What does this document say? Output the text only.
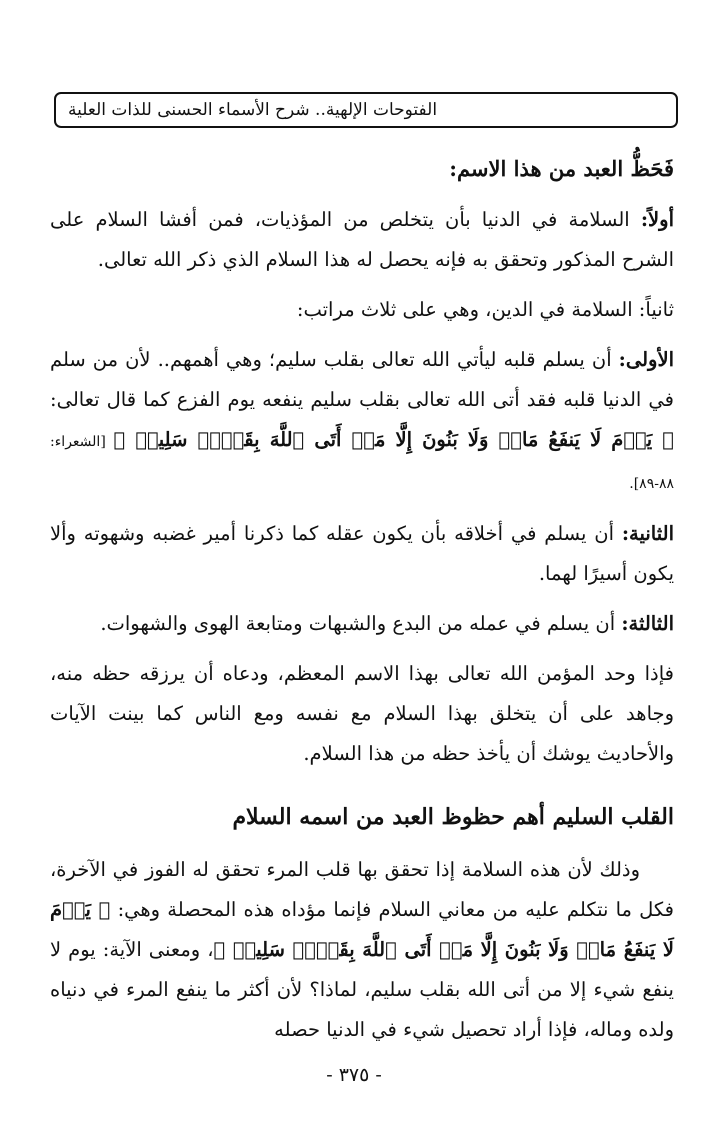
الفتوحات الإلهية.. شرح الأسماء الحسنى للذات العلية

فَحَظُّ العبد من هذا الاسم:

أولاً: السلامة في الدنيا بأن يتخلص من المؤذيات، فمن أفشا السلام على الشرح المذكور وتحقق به فإنه يحصل له هذا السلام الذي ذكر الله تعالى.

ثانياً: السلامة في الدين، وهي على ثلاث مراتب:

الأولى: أن يسلم قلبه ليأتي الله تعالى بقلب سليم؛ وهي أهمهم.. لأن من سلم في الدنيا قلبه فقد أتى الله تعالى بقلب سليم ينفعه يوم الفزع كما قال تعالى: ﴿ يَوۡمَ لَا يَنفَعُ مَالٞ وَلَا بَنُونَ إِلَّا مَنۡ أَتَى ٱللَّهَ بِقَلۡبٖ سَلِيمٖ ﴾ [الشعراء: ٨٨-٨٩].

الثانية: أن يسلم في أخلاقه بأن يكون عقله كما ذكرنا أمير غضبه وشهوته وألا يكون أسيرًا لهما.

الثالثة: أن يسلم في عمله من البدع والشبهات ومتابعة الهوى والشهوات.

فإذا وحد المؤمن الله تعالى بهذا الاسم المعظم، ودعاه أن يرزقه حظه منه، وجاهد على أن يتخلق بهذا السلام مع نفسه ومع الناس كما بينت الآيات والأحاديث يوشك أن يأخذ حظه من هذا السلام.

القلب السليم أهم حظوظ العبد من اسمه السلام

وذلك لأن هذه السلامة إذا تحقق بها قلب المرء تحقق له الفوز في الآخرة، فكل ما نتكلم عليه من معاني السلام فإنما مؤداه هذه المحصلة وهي: ﴿ يَوۡمَ لَا يَنفَعُ مَالٞ وَلَا بَنُونَ إِلَّا مَنۡ أَتَى ٱللَّهَ بِقَلۡبٖ سَلِيمٖ ﴾، ومعنى الآية: يوم لا ينفع شيء إلا من أتى الله بقلب سليم، لماذا؟ لأن أكثر ما ينفع المرء في دنياه ولده وماله، فإذا أراد تحصيل شيء في الدنيا حصله

- ٣٧٥ -
